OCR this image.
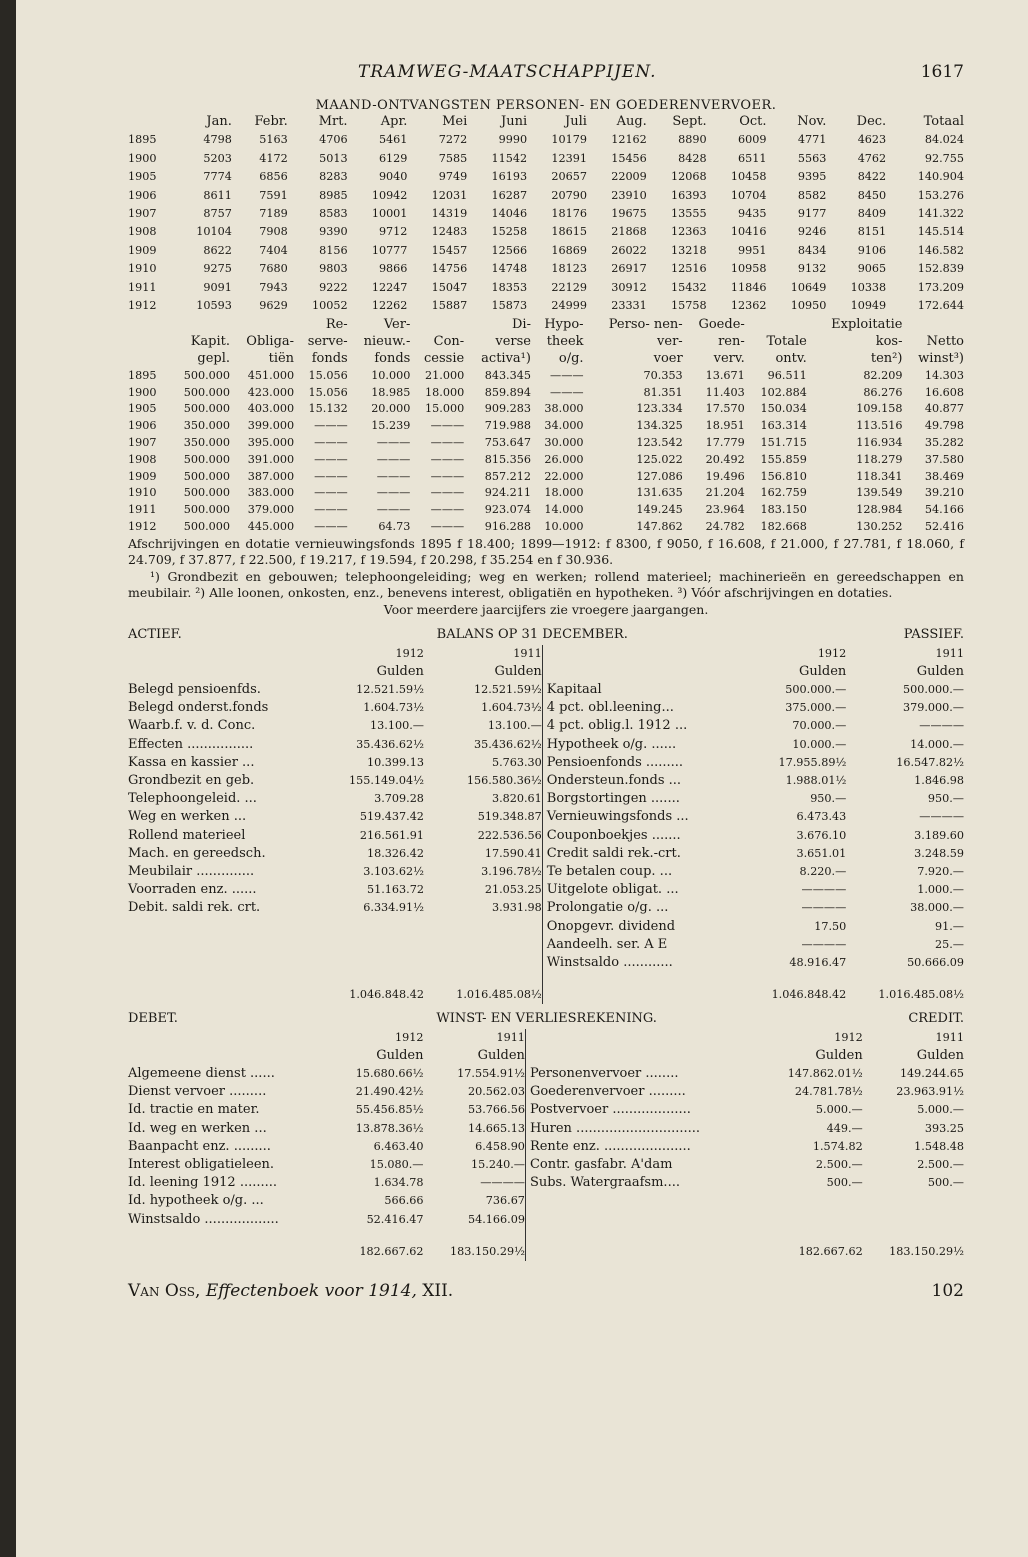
TRAMWEG-MAATSCHAPPIJEN.	1617
MAAND-ONTVANGSTEN PERSONEN- EN GOEDERENVERVOER.
	Jan.	Febr.	Mrt.	Apr.	Mei	Juni	Juli	Aug.	Sept.	Oct.	Nov.	Dec.	Totaal
1895	4798	5163	4706	5461	7272	9990	10179	12162	8890	6009	4771	4623	84.024
1900	5203	4172	5013	6129	7585	11542	12391	15456	8428	6511	5563	4762	92.755
1905	7774	6856	8283	9040	9749	16193	20657	22009	12068	10458	9395	8422	140.904
1906	8611	7591	8985	10942	12031	16287	20790	23910	16393	10704	8582	8450	153.276
1907	8757	7189	8583	10001	14319	14046	18176	19675	13555	9435	9177	8409	141.322
1908	10104	7908	9390	9712	12483	15258	18615	21868	12363	10416	9246	8151	145.514
1909	8622	7404	8156	10777	15457	12566	16869	26022	13218	9951	8434	9106	146.582
1910	9275	7680	9803	9866	14756	14748	18123	26917	12516	10958	9132	9065	152.839
1911	9091	7943	9222	12247	15047	18353	22129	30912	15432	11846	10649	10338	173.209
1912	10593	9629	10052	12262	15887	15873	24999	23331	15758	12362	10950	10949	172.644
			Re-	Ver-		Di-	Hypo-	Perso- nen-	Goede-		Exploitatie	
	Kapit.	Obliga-	serve-	nieuw.-	Con-	verse	theek	ver-	ren-	Totale	kos-	Netto
	gepl.	tiën	fonds	fonds	cessie	activa¹)	o/g.	voer	verv.	ontv.	ten²)	winst³)
1895	500.000	451.000	15.056	10.000	21.000	843.345	———	70.353	13.671	96.511	82.209	14.303
1900	500.000	423.000	15.056	18.985	18.000	859.894	———	81.351	11.403	102.884	86.276	16.608
1905	500.000	403.000	15.132	20.000	15.000	909.283	38.000	123.334	17.570	150.034	109.158	40.877
1906	350.000	399.000	———	15.239	———	719.988	34.000	134.325	18.951	163.314	113.516	49.798
1907	350.000	395.000	———	———	———	753.647	30.000	123.542	17.779	151.715	116.934	35.282
1908	500.000	391.000	———	———	———	815.356	26.000	125.022	20.492	155.859	118.279	37.580
1909	500.000	387.000	———	———	———	857.212	22.000	127.086	19.496	156.810	118.341	38.469
1910	500.000	383.000	———	———	———	924.211	18.000	131.635	21.204	162.759	139.549	39.210
1911	500.000	379.000	———	———	———	923.074	14.000	149.245	23.964	183.150	128.984	54.166
1912	500.000	445.000	———	64.73	———	916.288	10.000	147.862	24.782	182.668	130.252	52.416

Afschrijvingen en dotatie vernieuwingsfonds 1895 f 18.400; 1899—1912: f 8300, f 9050, f 16.608, f 21.000, f 27.781, f 18.060, f 24.709, f 37.877, f 22.500, f 19.217, f 19.594, f 20.298, f 35.254 en f 30.936.

¹) Grondbezit en gebouwen; telephoongeleiding; weg en werken; rollend materieel; machinerieën en gereedschappen en meubilair. ²) Alle loonen, onkosten, enz., benevens interest, obligatiën en hypotheken. ³) Vóór afschrijvingen en dotaties.

Voor meerdere jaarcijfers zie vroegere jaargangen.

ACTIEF.	BALANS OP 31 DECEMBER.			PASSIEF.	
	1912	1911		1912	1911
	Gulden	Gulden		Gulden	Gulden
Belegd pensioenfds.	12.521.59½	12.521.59½	Kapitaal	500.000.—	500.000.—
Belegd onderst.fonds	1.604.73½	1.604.73½	4 pct. obl.leening...	375.000.—	379.000.—
Waarb.f. v. d. Conc.	13.100.—	13.100.—	4 pct. oblig.l. 1912 ...	70.000.—	————
Effecten ................	35.436.62½	35.436.62½	Hypotheek o/g. ......	10.000.—	14.000.—
Kassa en kassier ...	10.399.13	5.763.30	Pensioenfonds .........	17.955.89½	16.547.82½
Grondbezit en geb.	155.149.04½	156.580.36½	Ondersteun.fonds ...	1.988.01½	1.846.98
Telephoongeleid. ...	3.709.28	3.820.61	Borgstortingen .......	950.—	950.—
Weg en werken ...	519.437.42	519.348.87	Vernieuwingsfonds ...	6.473.43	————
Rollend materieel	216.561.91	222.536.56	Couponboekjes .......	3.676.10	3.189.60
Mach. en gereedsch.	18.326.42	17.590.41	Credit saldi rek.-crt.	3.651.01	3.248.59
Meubilair ..............	3.103.62½	3.196.78½	Te betalen coup. ...	8.220.—	7.920.—
Voorraden enz. ......	51.163.72	21.053.25	Uitgelote obligat. ...	————	1.000.—
Debit. saldi rek. crt.	6.334.91½	3.931.98	Prolongatie o/g. ...	————	38.000.—
			Onopgevr. dividend	17.50	91.—
			Aandeelh. ser. A E	————	25.—
			Winstsaldo ............	48.916.47	50.666.09
	1.046.848.42	1.016.485.08½		1.046.848.42	1.016.485.08½
DEBET.	WINST- EN VERLIESREKENING.			CREDIT.	
	1912	1911		1912	1911
	Gulden	Gulden		Gulden	Gulden
Algemeene dienst ......	15.680.66½	17.554.91½	Personenvervoer ........	147.862.01½	149.244.65
Dienst vervoer .........	21.490.42½	20.562.03	Goederenvervoer .........	24.781.78½	23.963.91½
Id. tractie en mater.	55.456.85½	53.766.56	Postvervoer ...................	5.000.—	5.000.—
Id. weg en werken ...	13.878.36½	14.665.13	Huren ..............................	449.—	393.25
Baanpacht enz. .........	6.463.40	6.458.90	Rente enz. .....................	1.574.82	1.548.48
Interest obligatieleen.	15.080.—	15.240.—	Contr. gasfabr. A'dam	2.500.—	2.500.—
Id. leening 1912 .........	1.634.78	————	Subs. Watergraafsm....	500.—	500.—
Id. hypotheek o/g. ...	566.66	736.67			
Winstsaldo ..................	52.416.47	54.166.09			
	182.667.62	183.150.29½		182.667.62	183.150.29½
Van Oss, Effectenboek voor 1914, XII.	102
